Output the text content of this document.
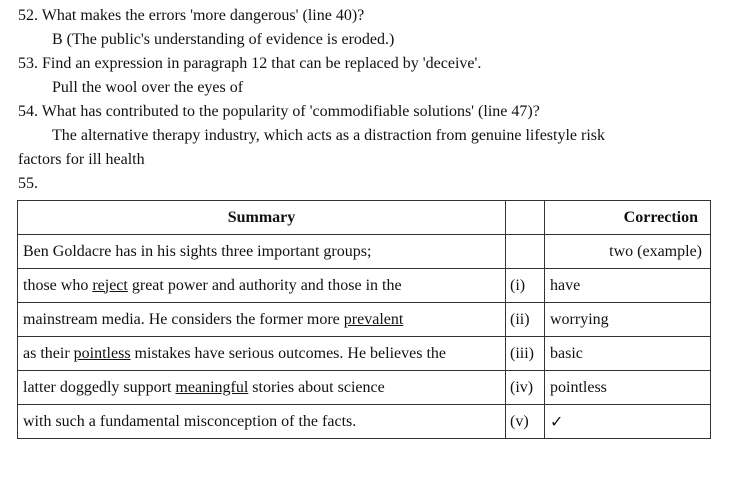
52. What makes the errors 'more dangerous' (line 40)?
B (The public's understanding of evidence is eroded.)
53. Find an expression in paragraph 12 that can be replaced by 'deceive'.
Pull the wool over the eyes of
54. What has contributed to the popularity of 'commodifiable solutions' (line 47)?
The alternative therapy industry, which acts as a distraction from genuine lifestyle risk
factors for ill health
55.
Summary		Correction
Ben Goldacre has in his sights three important groups;		two (example)
those who reject great power and authority and those in the	(i)	have
mainstream media. He considers the former more prevalent	(ii)	worrying
as their pointless mistakes have serious outcomes. He believes the	(iii)	basic
latter doggedly support meaningful stories about science	(iv)	pointless
with such a fundamental misconception of the facts.	(v)	✓
